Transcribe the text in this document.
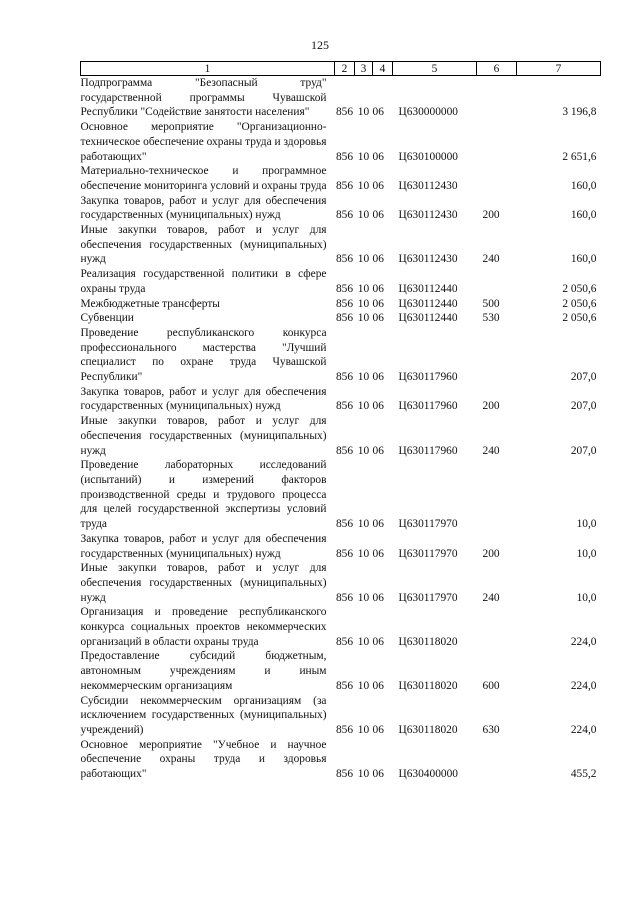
125
1	2	3	4	5	6	7
Подпрограмма "Безопасный труд" государственной программы Чувашской Республики "Содействие занятости населения"	856	10	06	Ц630000000		3 196,8
Основное мероприятие "Организационно-техническое обеспечение охраны труда и здоровья работающих"	856	10	06	Ц630100000		2 651,6
Материально-техническое и программное обеспечение мониторинга условий и охраны труда	856	10	06	Ц630112430		160,0
Закупка товаров, работ и услуг для обеспечения государственных (муниципальных) нужд	856	10	06	Ц630112430	200	160,0
Иные закупки товаров, работ и услуг для обеспечения государственных (муниципальных) нужд	856	10	06	Ц630112430	240	160,0
Реализация государственной политики в сфере охраны труда	856	10	06	Ц630112440		2 050,6
Межбюджетные трансферты	856	10	06	Ц630112440	500	2 050,6
Субвенции	856	10	06	Ц630112440	530	2 050,6
Проведение республиканского конкурса профессионального мастерства "Лучший специалист по охране труда Чувашской Республики"	856	10	06	Ц630117960		207,0
Закупка товаров, работ и услуг для обеспечения государственных (муниципальных) нужд	856	10	06	Ц630117960	200	207,0
Иные закупки товаров, работ и услуг для обеспечения государственных (муниципальных) нужд	856	10	06	Ц630117960	240	207,0
Проведение лабораторных исследований (испытаний) и измерений факторов производственной среды и трудового процесса для целей государственной экспертизы условий труда	856	10	06	Ц630117970		10,0
Закупка товаров, работ и услуг для обеспечения государственных (муниципальных) нужд	856	10	06	Ц630117970	200	10,0
Иные закупки товаров, работ и услуг для обеспечения государственных (муниципальных) нужд	856	10	06	Ц630117970	240	10,0
Организация и проведение республиканского конкурса социальных проектов некоммерческих организаций в области охраны труда	856	10	06	Ц630118020		224,0
Предоставление субсидий бюджетным, автономным учреждениям и иным некоммерческим организациям	856	10	06	Ц630118020	600	224,0
Субсидии некоммерческим организациям (за исключением государственных (муниципальных) учреждений)	856	10	06	Ц630118020	630	224,0
Основное мероприятие "Учебное и научное обеспечение охраны труда и здоровья работающих"	856	10	06	Ц630400000		455,2
